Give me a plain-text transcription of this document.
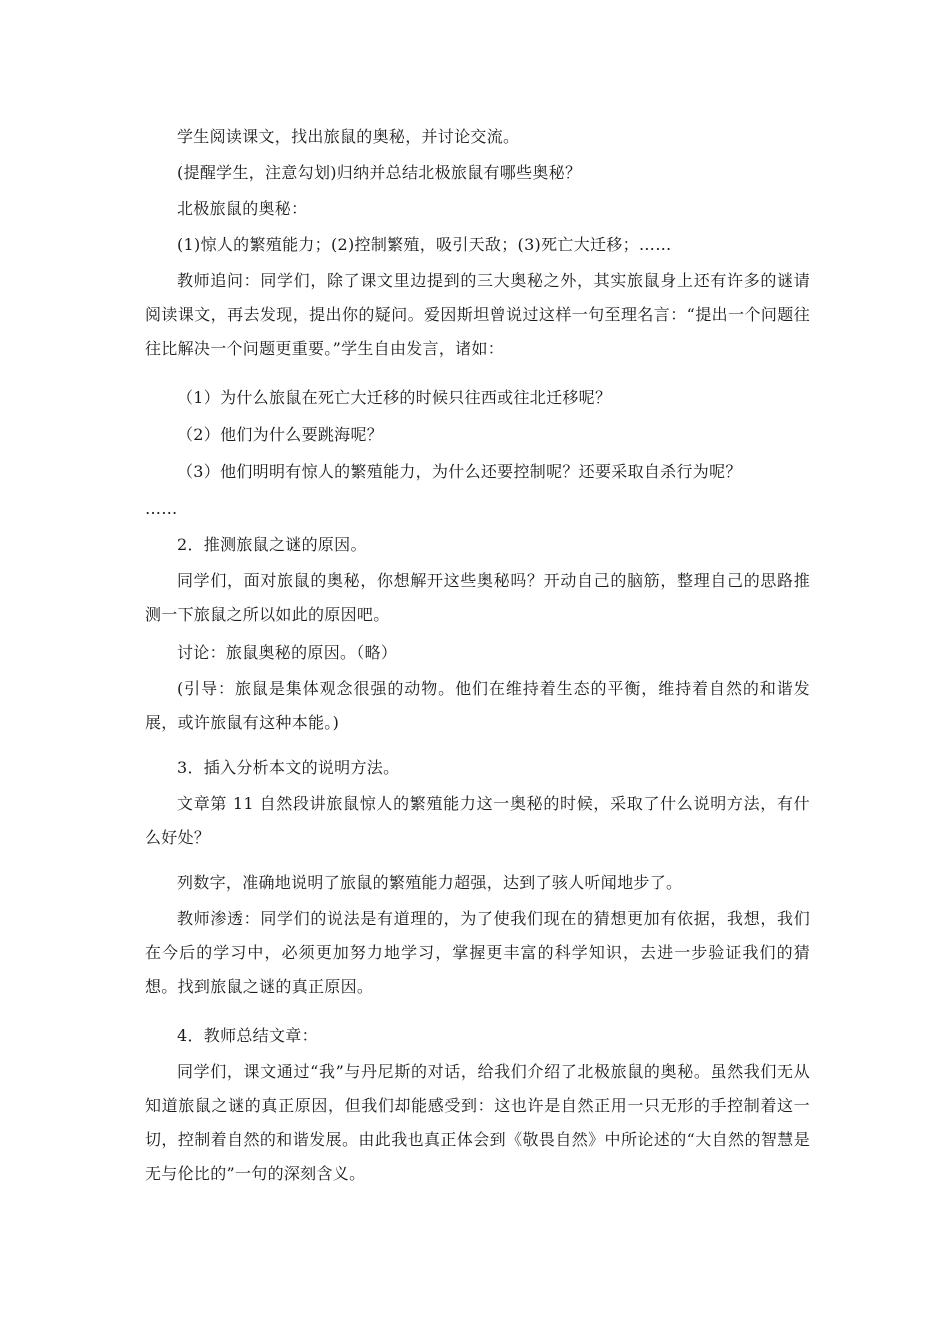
学生阅读课文，找出旅鼠的奥秘，并讨论交流。

(提醒学生，注意勾划)归纳并总结北极旅鼠有哪些奥秘？

北极旅鼠的奥秘：

(1)惊人的繁殖能力；(2)控制繁殖，吸引天敌；(3)死亡大迁移；……

教师追问：同学们，除了课文里边提到的三大奥秘之外，其实旅鼠身上还有许多的谜请阅读课文，再去发现，提出你的疑问。爱因斯坦曾说过这样一句至理名言：“提出一个问题往往比解决一个问题更重要。”学生自由发言，诸如：

（1）为什么旅鼠在死亡大迁移的时候只往西或往北迁移呢？

（2）他们为什么要跳海呢？

（3）他们明明有惊人的繁殖能力，为什么还要控制呢？还要采取自杀行为呢？

……

2．推测旅鼠之谜的原因。

同学们，面对旅鼠的奥秘，你想解开这些奥秘吗？开动自己的脑筋，整理自己的思路推测一下旅鼠之所以如此的原因吧。

讨论：旅鼠奥秘的原因。（略）

(引导：旅鼠是集体观念很强的动物。他们在维持着生态的平衡，维持着自然的和谐发展，或许旅鼠有这种本能。)

3．插入分析本文的说明方法。

文章第 11 自然段讲旅鼠惊人的繁殖能力这一奥秘的时候，采取了什么说明方法，有什么好处？

列数字，准确地说明了旅鼠的繁殖能力超强，达到了骇人听闻地步了。

教师渗透：同学们的说法是有道理的，为了使我们现在的猜想更加有依据，我想，我们在今后的学习中，必须更加努力地学习，掌握更丰富的科学知识，去进一步验证我们的猜想。找到旅鼠之谜的真正原因。

4．教师总结文章：

同学们，课文通过“我”与丹尼斯的对话，给我们介绍了北极旅鼠的奥秘。虽然我们无从知道旅鼠之谜的真正原因，但我们却能感受到：这也许是自然正用一只无形的手控制着这一切，控制着自然的和谐发展。由此我也真正体会到《敬畏自然》中所论述的“大自然的智慧是无与伦比的”一句的深刻含义。
